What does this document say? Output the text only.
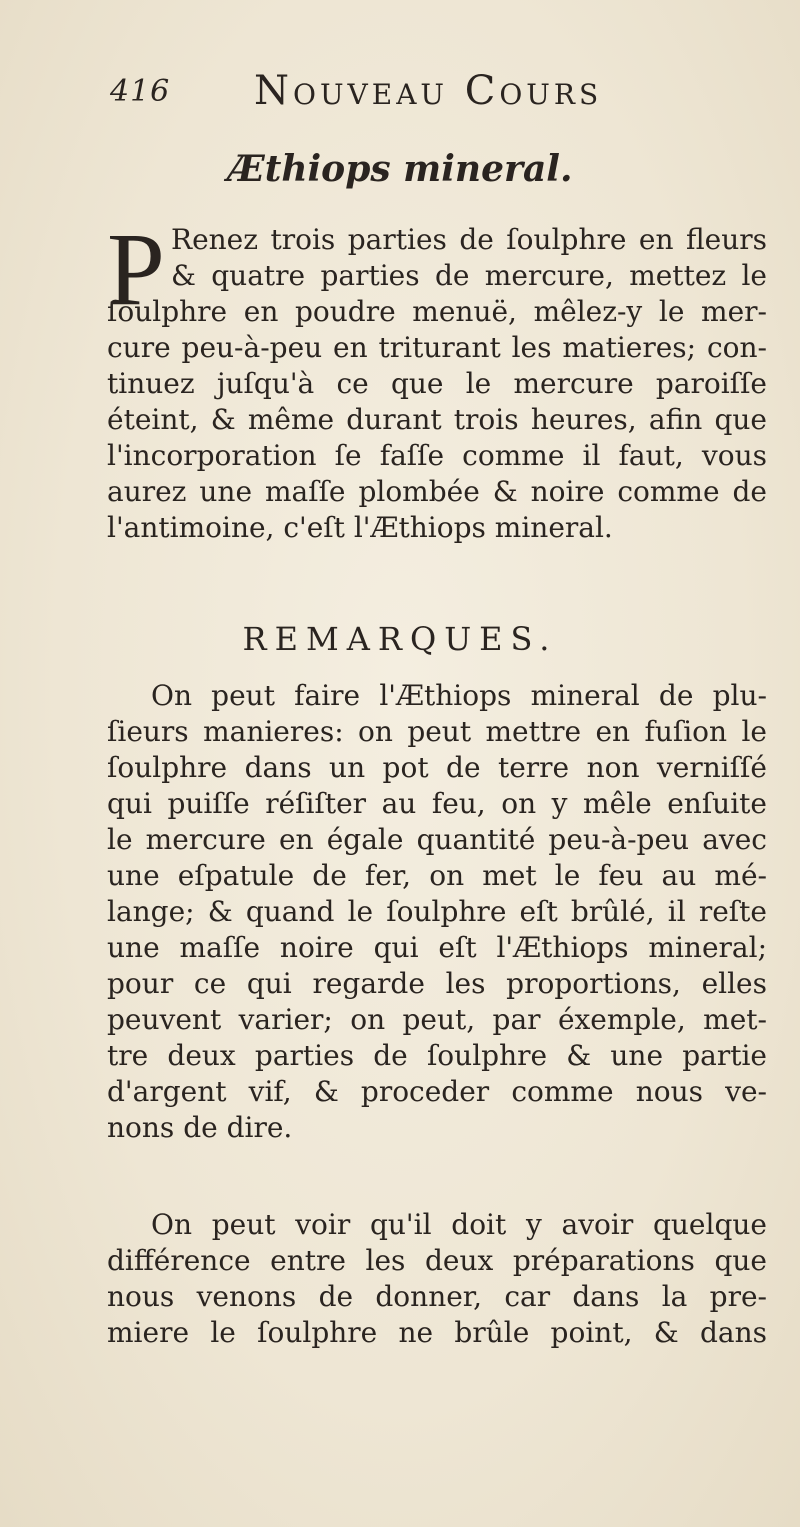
416 Nouveau Cours
Æthiops mineral.
P Renez trois parties de ſoulphre en fleurs
& quatre parties de mercure, mettez le
ſoulphre en poudre menuë, mêlez-y le mer-
cure peu-à-peu en triturant les matieres; con-
tinuez juſqu'à ce que le mercure paroiſſe
éteint, & même durant trois heures, afin que
l'incorporation ſe faſſe comme il faut, vous
aurez une maſſe plombée & noire comme de
l'antimoine, c'eſt l'Æthiops mineral.
REMARQUES.
On peut faire l'Æthiops mineral de plu-
ſieurs manieres: on peut mettre en fuſion le
ſoulphre dans un pot de terre non verniſſé
qui puiſſe réſiſter au feu, on y mêle enſuite
le mercure en égale quantité peu-à-peu avec
une eſpatule de fer, on met le feu au mé-
lange; & quand le ſoulphre eſt brûlé, il reſte
une maſſe noire qui eſt l'Æthiops mineral;
pour ce qui regarde les proportions, elles
peuvent varier; on peut, par éxemple, met-
tre deux parties de ſoulphre & une partie
d'argent vif, & proceder comme nous ve-
nons de dire.
On peut voir qu'il doit y avoir quelque
différence entre les deux préparations que
nous venons de donner, car dans la pre-
miere le ſoulphre ne brûle point, & dans
